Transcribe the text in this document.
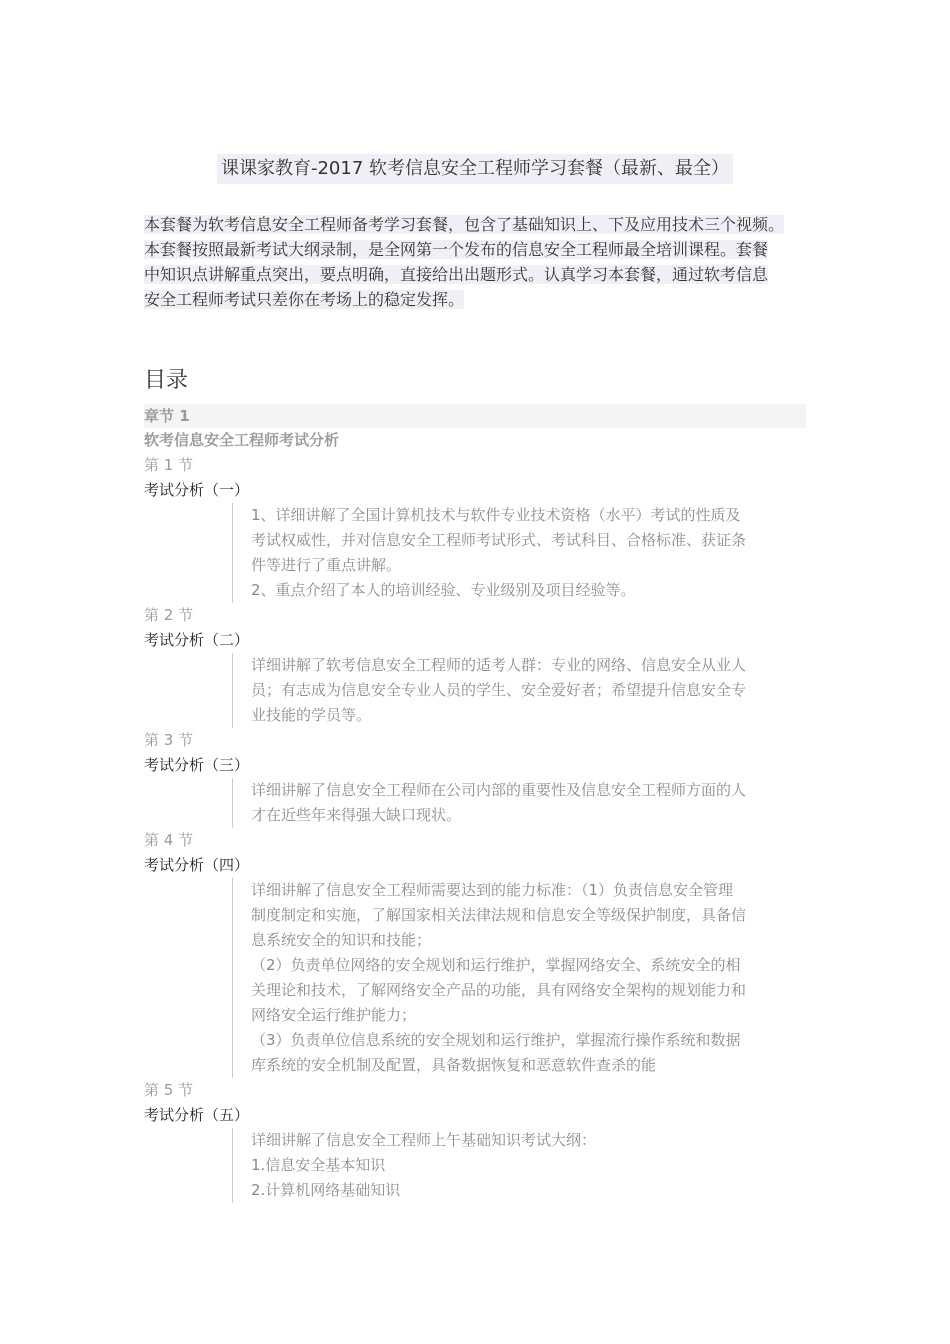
课课家教育-2017 软考信息安全工程师学习套餐（最新、最全）
本套餐为软考信息安全工程师备考学习套餐，包含了基础知识上、下及应用技术三个视频。
本套餐按照最新考试大纲录制，是全网第一个发布的信息安全工程师最全培训课程。套餐
中知识点讲解重点突出，要点明确，直接给出出题形式。认真学习本套餐，通过软考信息
安全工程师考试只差你在考场上的稳定发挥。
目录
章节 1
软考信息安全工程师考试分析
第 1 节
考试分析（一）
1、详细讲解了全国计算机技术与软件专业技术资格（水平）考试的性质及
考试权威性，并对信息安全工程师考试形式、考试科目、合格标准、获证条
件等进行了重点讲解。
2、重点介绍了本人的培训经验、专业级别及项目经验等。
第 2 节
考试分析（二）
详细讲解了软考信息安全工程师的适考人群：专业的网络、信息安全从业人
员；有志成为信息安全专业人员的学生、安全爱好者；希望提升信息安全专
业技能的学员等。
第 3 节
考试分析（三）
详细讲解了信息安全工程师在公司内部的重要性及信息安全工程师方面的人
才在近些年来得强大缺口现状。
第 4 节
考试分析（四）
详细讲解了信息安全工程师需要达到的能力标准：（1）负责信息安全管理
制度制定和实施，了解国家相关法律法规和信息安全等级保护制度，具备信
息系统安全的知识和技能；
（2）负责单位网络的安全规划和运行维护，掌握网络安全、系统安全的相
关理论和技术，了解网络安全产品的功能，具有网络安全架构的规划能力和
网络安全运行维护能力；
（3）负责单位信息系统的安全规划和运行维护，掌握流行操作系统和数据
库系统的安全机制及配置，具备数据恢复和恶意软件查杀的能
第 5 节
考试分析（五）
详细讲解了信息安全工程师上午基础知识考试大纲：
1.信息安全基本知识
2.计算机网络基础知识
